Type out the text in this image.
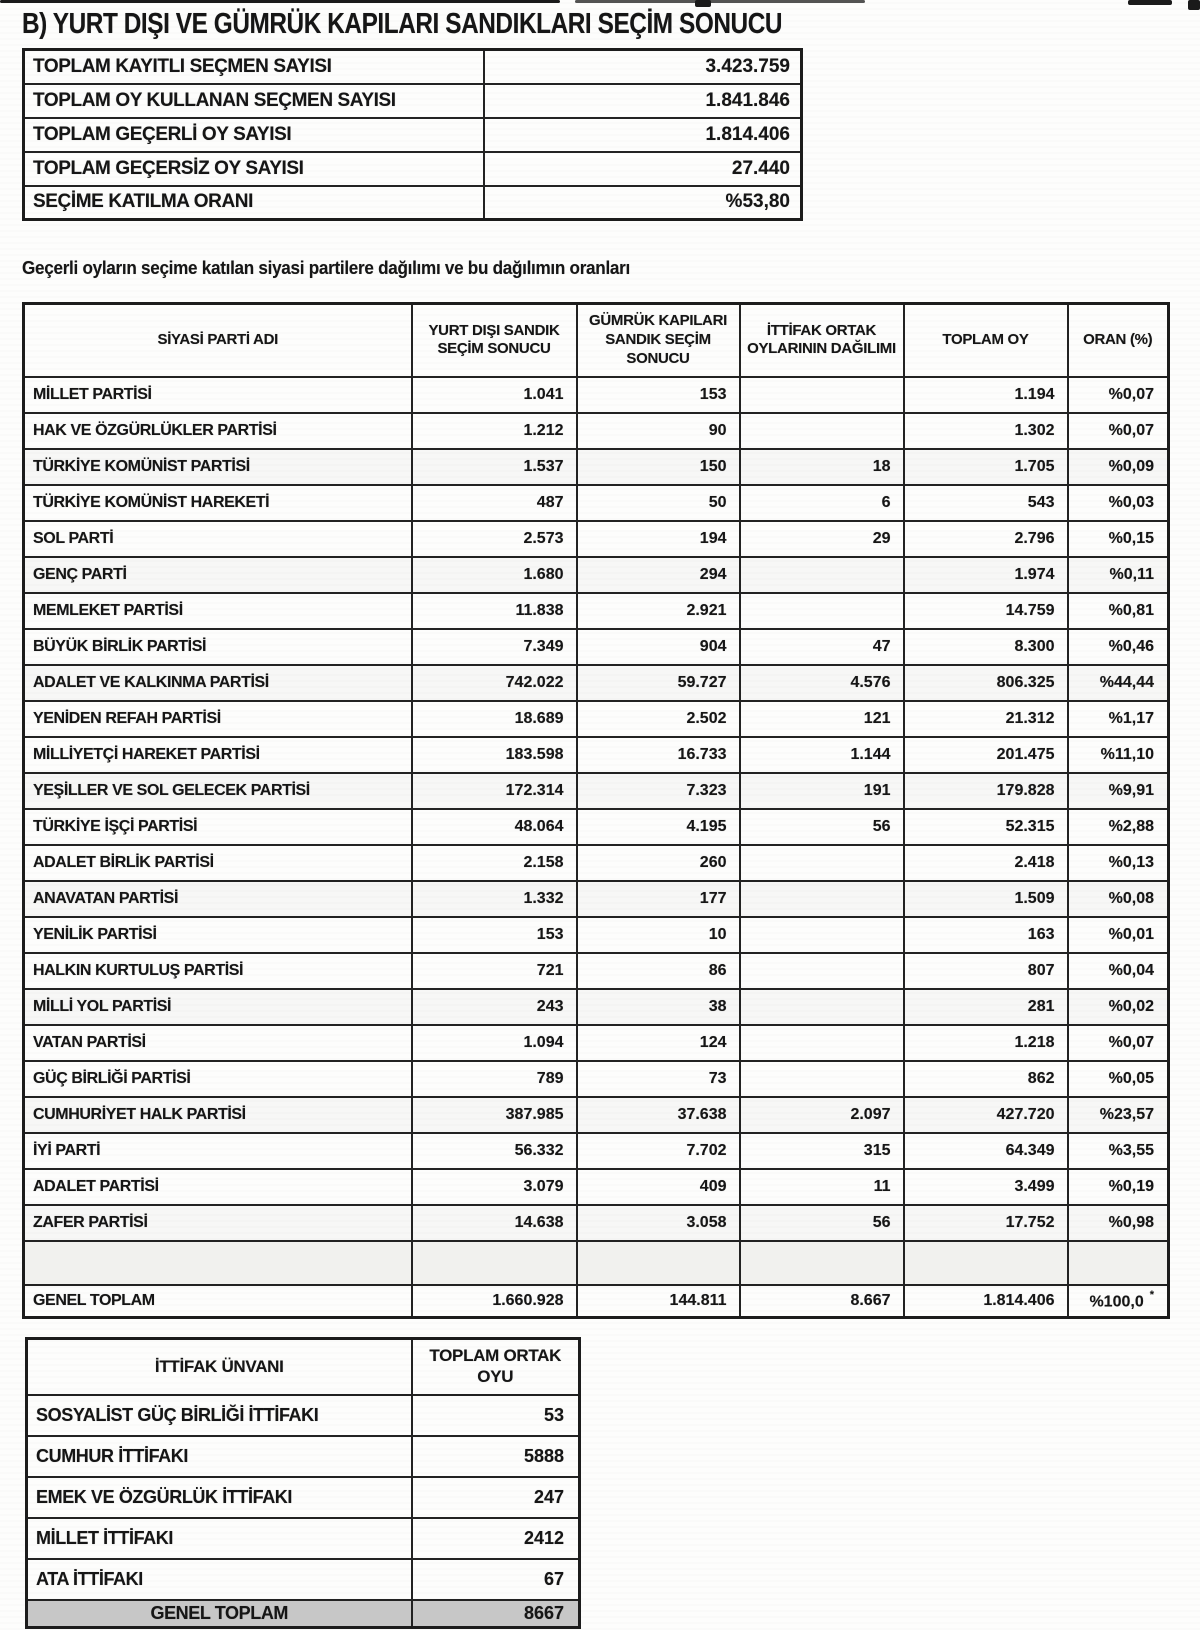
B) YURT DIŞI VE GÜMRÜK KAPILARI SANDIKLARI SEÇİM SONUCU
TOPLAM KAYITLI SEÇMEN SAYISI	3.423.759
TOPLAM OY KULLANAN SEÇMEN SAYISI	1.841.846
TOPLAM GEÇERLİ OY SAYISI	1.814.406
TOPLAM GEÇERSİZ OY SAYISI	27.440
SEÇİME KATILMA ORANI	%53,80
Geçerli oyların seçime katılan siyasi partilere dağılımı ve bu dağılımın oranları
SİYASİ PARTİ ADI	YURT DIŞI SANDIK SEÇİM SONUCU	GÜMRÜK KAPILARI SANDIK SEÇİM SONUCU	İTTİFAK ORTAK OYLARININ DAĞILIMI	TOPLAM OY	ORAN (%)
MİLLET PARTİSİ	1.041	153		1.194	%0,07
HAK VE ÖZGÜRLÜKLER PARTİSİ	1.212	90		1.302	%0,07
TÜRKİYE KOMÜNİST PARTİSİ	1.537	150	18	1.705	%0,09
TÜRKİYE KOMÜNİST HAREKETİ	487	50	6	543	%0,03
SOL PARTİ	2.573	194	29	2.796	%0,15
GENÇ PARTİ	1.680	294		1.974	%0,11
MEMLEKET PARTİSİ	11.838	2.921		14.759	%0,81
BÜYÜK BİRLİK PARTİSİ	7.349	904	47	8.300	%0,46
ADALET VE KALKINMA PARTİSİ	742.022	59.727	4.576	806.325	%44,44
YENİDEN REFAH PARTİSİ	18.689	2.502	121	21.312	%1,17
MİLLİYETÇİ HAREKET PARTİSİ	183.598	16.733	1.144	201.475	%11,10
YEŞİLLER VE SOL GELECEK PARTİSİ	172.314	7.323	191	179.828	%9,91
TÜRKİYE İŞÇİ PARTİSİ	48.064	4.195	56	52.315	%2,88
ADALET BİRLİK PARTİSİ	2.158	260		2.418	%0,13
ANAVATAN PARTİSİ	1.332	177		1.509	%0,08
YENİLİK PARTİSİ	153	10		163	%0,01
HALKIN KURTULUŞ PARTİSİ	721	86		807	%0,04
MİLLİ YOL PARTİSİ	243	38		281	%0,02
VATAN PARTİSİ	1.094	124		1.218	%0,07
GÜÇ BİRLİĞİ PARTİSİ	789	73		862	%0,05
CUMHURİYET HALK PARTİSİ	387.985	37.638	2.097	427.720	%23,57
İYİ PARTİ	56.332	7.702	315	64.349	%3,55
ADALET PARTİSİ	3.079	409	11	3.499	%0,19
ZAFER PARTİSİ	14.638	3.058	56	17.752	%0,98

GENEL TOPLAM	1.660.928	144.811	8.667	1.814.406	%100,0 *
İTTİFAK ÜNVANI	TOPLAM ORTAK OYU
SOSYALİST GÜÇ BİRLİĞİ İTTİFAKI	53
CUMHUR İTTİFAKI	5888
EMEK VE ÖZGÜRLÜK İTTİFAKI	247
MİLLET İTTİFAKI	2412
ATA İTTİFAKI	67
GENEL TOPLAM	8667
